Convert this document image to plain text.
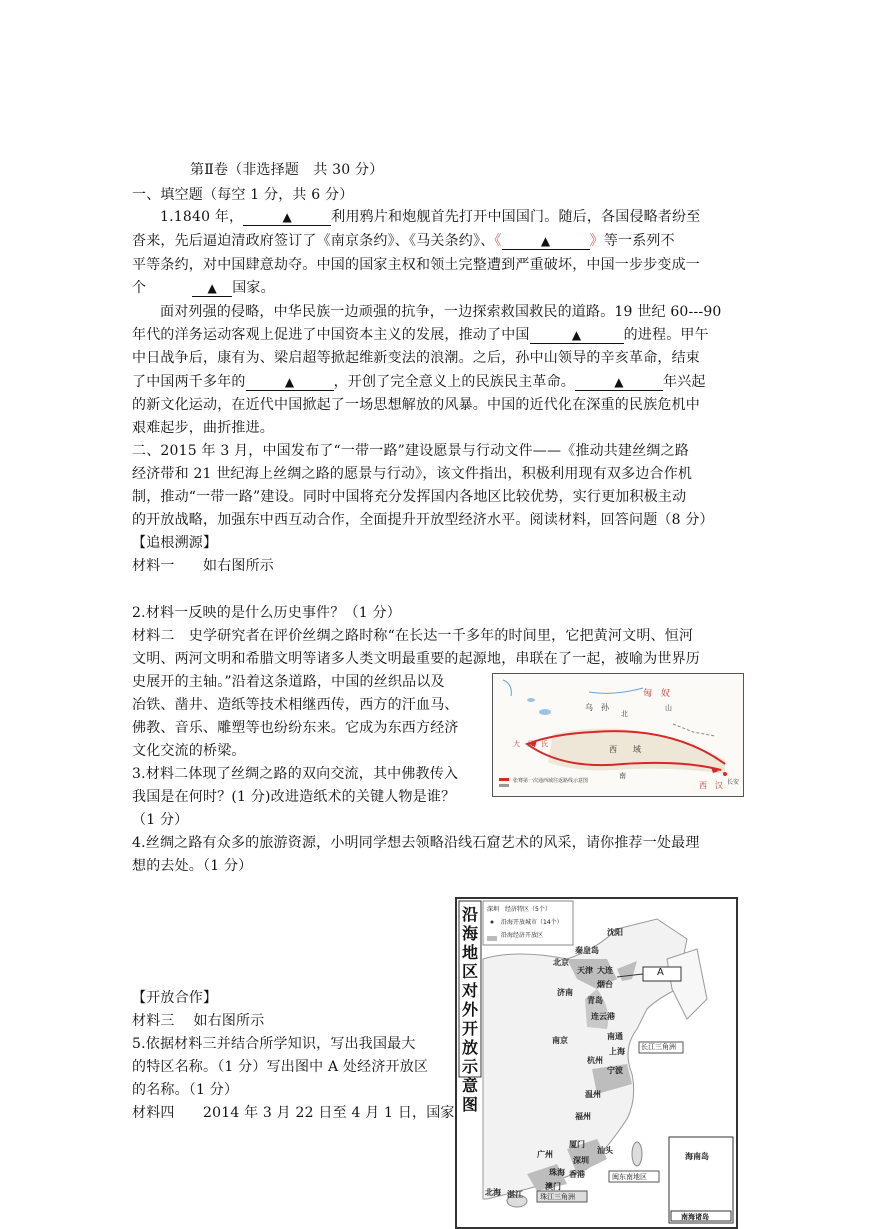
第Ⅱ卷（非选择题　共 30 分）
一、填空题（每空 1 分，共 6 分）
1.1840 年，	▲	利用鸦片和炮舰首先打开中国国门。随后，各国侵略者纷至
沓来，先后逼迫清政府签订了《南京条约》、《马关条约》、《	▲	》等一系列不
平等条约，对中国肆意劫夺。中国的国家主权和领土完整遭到严重破坏，中国一步步变成一
个	▲ 国家。
面对列强的侵略，中华民族一边顽强的抗争，一边探索救国救民的道路。19 世纪 60---90
年代的洋务运动客观上促进了中国资本主义的发展，推动了中国	▲	的进程。甲午
中日战争后，康有为、梁启超等掀起维新变法的浪潮。之后，孙中山领导的辛亥革命，结束
了中国两千多年的	▲	，开创了完全意义上的民族民主革命。	▲	年兴起
的新文化运动，在近代中国掀起了一场思想解放的风暴。中国的近代化在深重的民族危机中
艰难起步，曲折推进。
二、2015 年 3 月，中国发布了“一带一路”建设愿景与行动文件——《推动共建丝绸之路
经济带和 21 世纪海上丝绸之路的愿景与行动》，该文件指出，积极利用现有双多边合作机
制，推动“一带一路”建设。同时中国将充分发挥国内各地区比较优势，实行更加积极主动
的开放战略，加强东中西互动合作，全面提升开放型经济水平。阅读材料，回答问题（8 分）
【追根溯源】
材料一　　如右图所示
2.材料一反映的是什么历史事件？（1 分）
材料二　史学研究者在评价丝绸之路时称“在长达一千多年的时间里，它把黄河文明、恒河
文明、两河文明和希腊文明等诸多人类文明最重要的起源地，串联在了一起，被喻为世界历
史展开的主轴。”沿着这条道路，中国的丝织品以及
冶铁、凿井、造纸等技术相继西传，西方的汗血马、
佛教、音乐、雕塑等也纷纷东来。它成为东西方经济
文化交流的桥梁。
3.材料二体现了丝绸之路的双向交流，其中佛教传入
我国是在何时？(1 分)改进造纸术的关键人物是谁？
（1 分）
4.丝绸之路有众多的旅游资源，小明同学想去领略沿线石窟艺术的风采，请你推荐一处最理
想的去处。（1 分）
【开放合作】
材料三　 如右图所示
5.依据材料三并结合所学知识，写出我国最大
的特区名称。（1 分）写出图中 A 处经济开放区
的名称。（1 分）
材料四　　2014 年 3 月 22 日至 4 月 1 日，国家
张骞第一次通西域往返路线示意图
乌　孙
匈　奴
大　月　氏
西　　域
山
南
北
西　汉 长安
沿海地区对外开放示意图
深圳　经济特区（5个）
沿海开放城市（14个）
沿海经济开放区	沈阳
秦皇岛
北京
天津 大连
烟台
济南
青岛
连云港
南通
南京
上海
杭州
宁波
温州
福州
厦门
汕头
深圳
广州
珠海 香港
澳门
北海 湛江
海南岛
A
长江三角洲
闽东南地区
珠江三角洲
南海诸岛
